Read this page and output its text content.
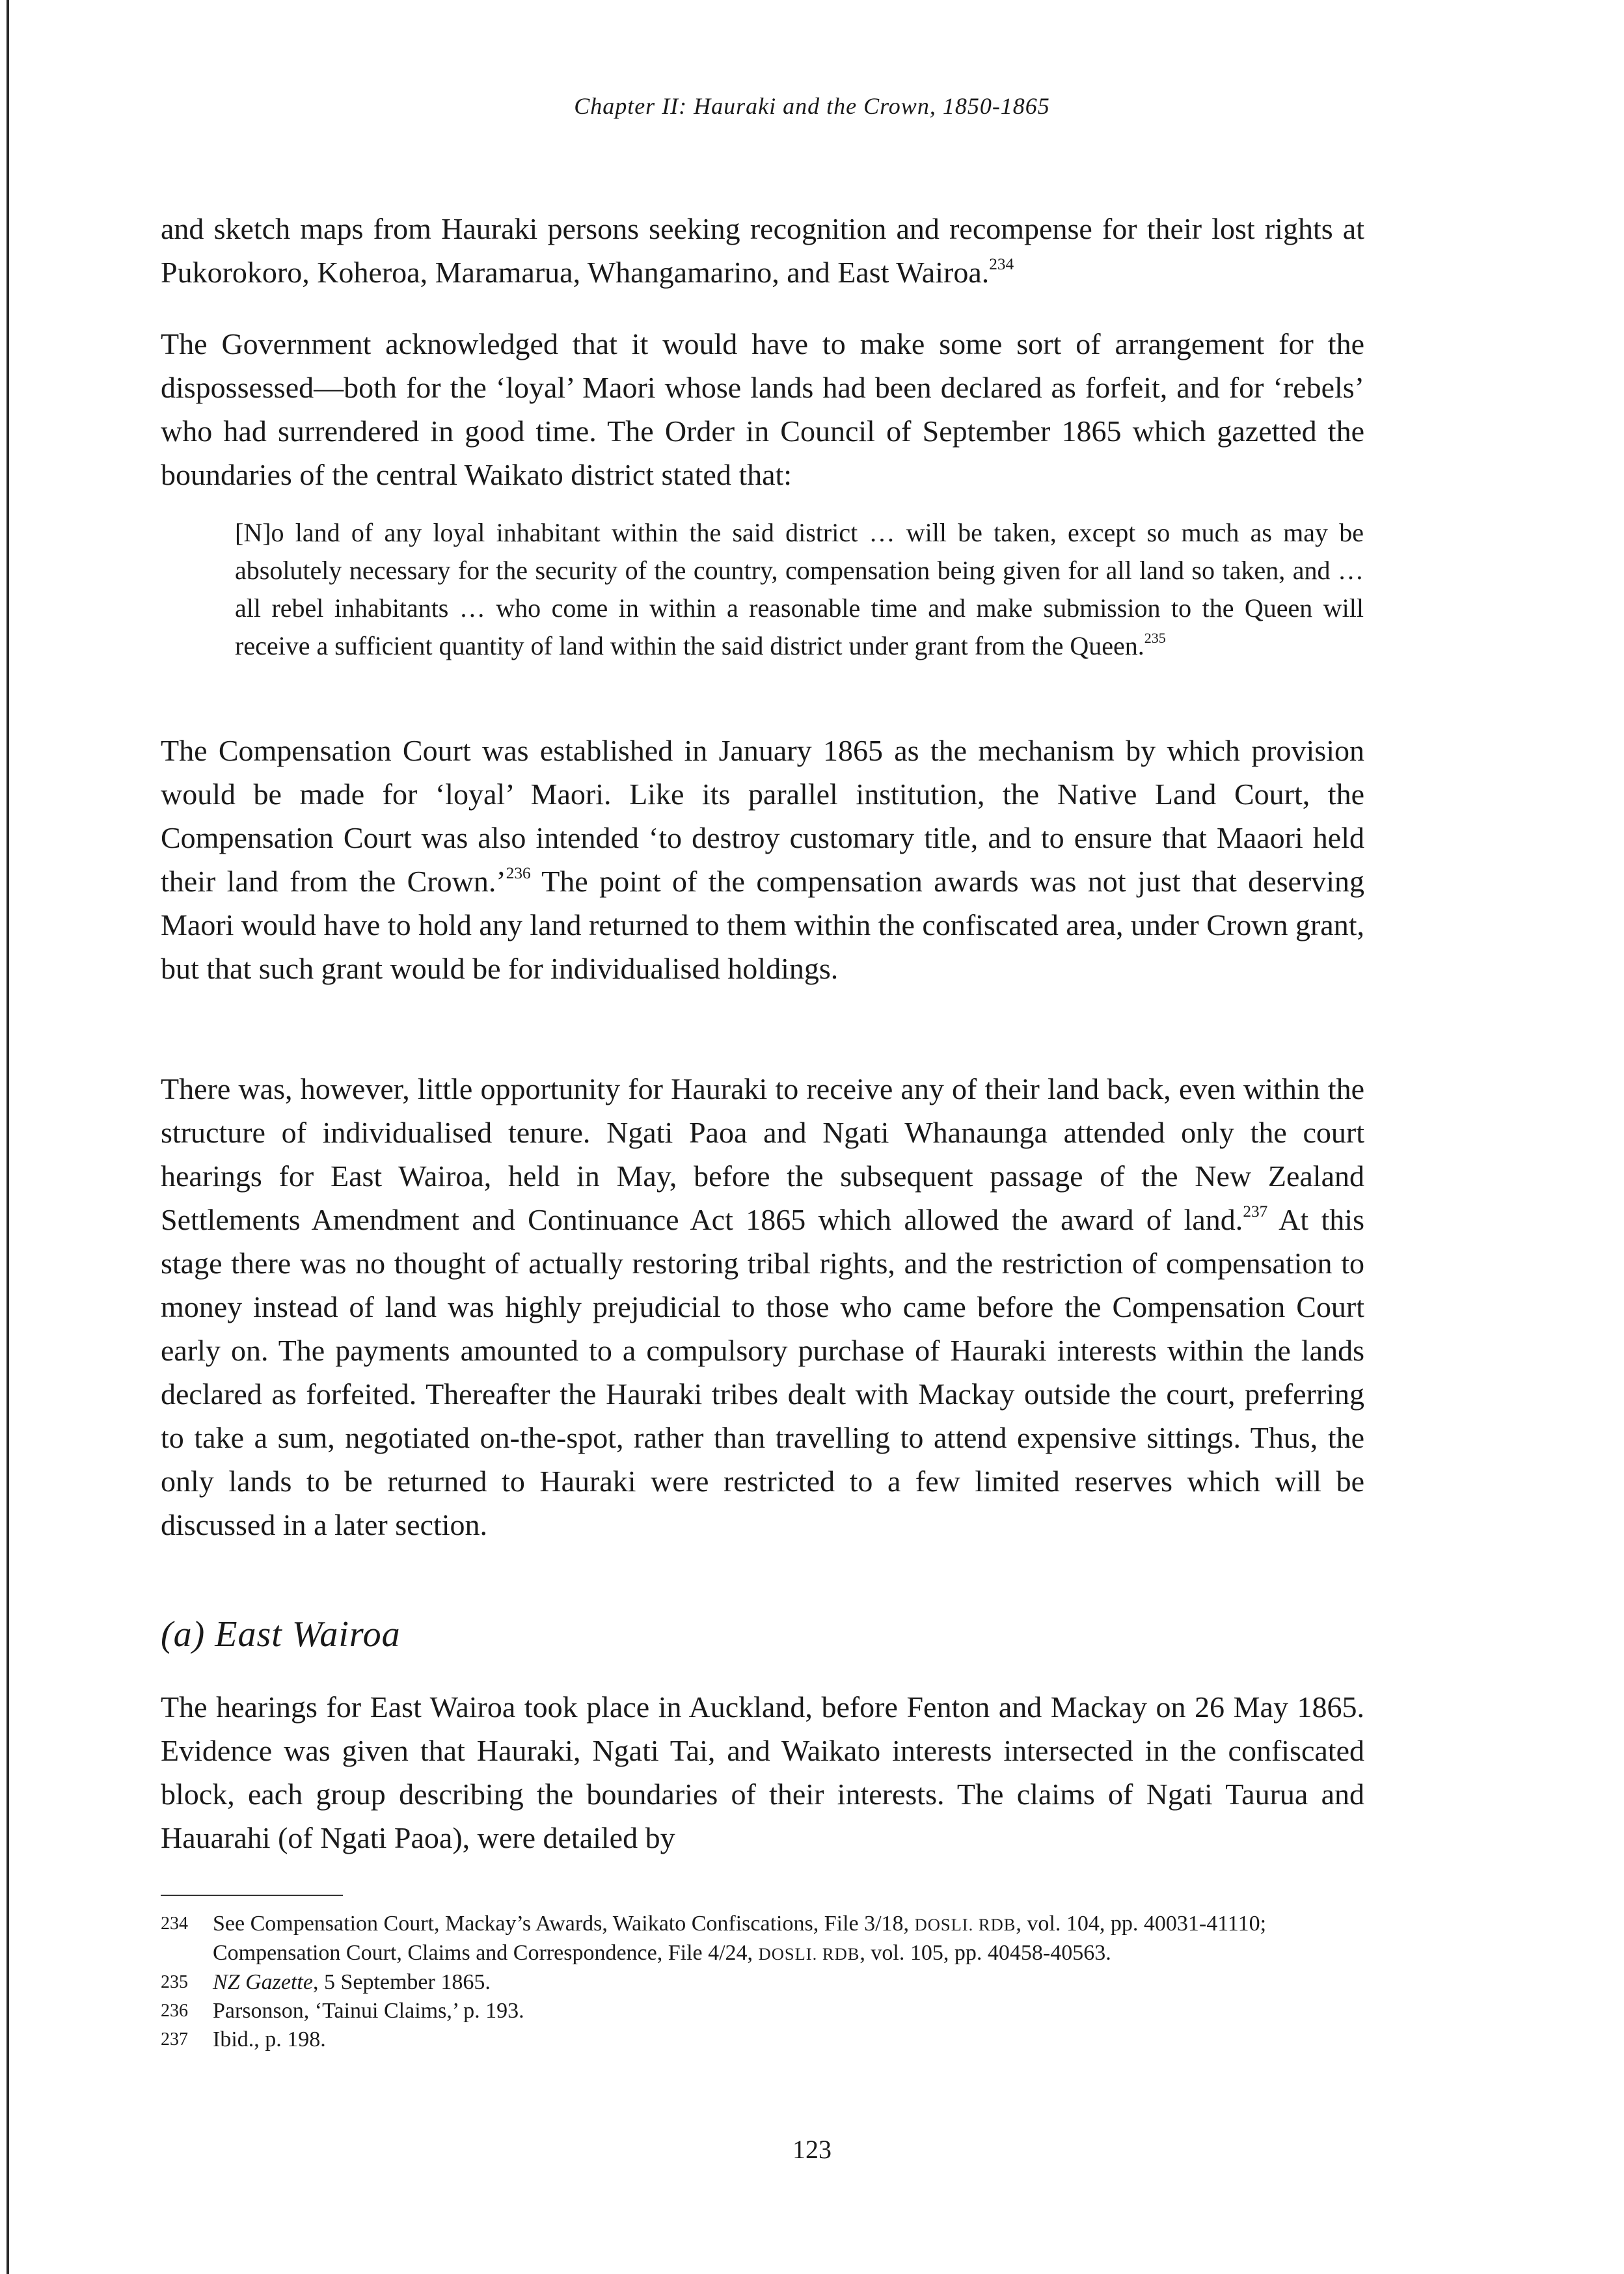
Chapter II: Hauraki and the Crown, 1850-1865

and sketch maps from Hauraki persons seeking recognition and recompense for their lost rights at Pukorokoro, Koheroa, Maramarua, Whangamarino, and East Wairoa.$^{234}$

The Government acknowledged that it would have to make some sort of arrangement for the dispossessed—both for the ‘loyal’ Maori whose lands had been declared as forfeit, and for ‘rebels’ who had surrendered in good time. The Order in Council of September 1865 which gazetted the boundaries of the central Waikato district stated that:

[N]o land of any loyal inhabitant within the said district … will be taken, except so much as may be absolutely necessary for the security of the country, compensation being given for all land so taken, and … all rebel inhabitants … who come in within a reasonable time and make submission to the Queen will receive a sufficient quantity of land within the said district under grant from the Queen.$^{235}$

The Compensation Court was established in January 1865 as the mechanism by which provision would be made for ‘loyal’ Maori. Like its parallel institution, the Native Land Court, the Compensation Court was also intended ‘to destroy customary title, and to ensure that Maaori held their land from the Crown.’$^{236}$ The point of the compensation awards was not just that deserving Maori would have to hold any land returned to them within the confiscated area, under Crown grant, but that such grant would be for individualised holdings.

There was, however, little opportunity for Hauraki to receive any of their land back, even within the structure of individualised tenure. Ngati Paoa and Ngati Whanaunga attended only the court hearings for East Wairoa, held in May, before the subsequent passage of the New Zealand Settlements Amendment and Continuance Act 1865 which allowed the award of land.$^{237}$ At this stage there was no thought of actually restoring tribal rights, and the restriction of compensation to money instead of land was highly prejudicial to those who came before the Compensation Court early on. The payments amounted to a compulsory purchase of Hauraki interests within the lands declared as forfeited. Thereafter the Hauraki tribes dealt with Mackay outside the court, preferring to take a sum, negotiated on-the-spot, rather than travelling to attend expensive sittings. Thus, the only lands to be returned to Hauraki were restricted to a few limited reserves which will be discussed in a later section.

(a) East Wairoa

The hearings for East Wairoa took place in Auckland, before Fenton and Mackay on 26 May 1865. Evidence was given that Hauraki, Ngati Tai, and Waikato interests intersected in the confiscated block, each group describing the boundaries of their interests. The claims of Ngati Taurua and Hauarahi (of Ngati Paoa), were detailed by

234	See Compensation Court, Mackay’s Awards, Waikato Confiscations, File 3/18, DOSLI. RDB, vol. 104, pp. 40031-41110; Compensation Court, Claims and Correspondence, File 4/24, DOSLI. RDB, vol. 105, pp. 40458-40563.
235	NZ Gazette, 5 September 1865.
236	Parsonson, ‘Tainui Claims,’ p. 193.
237	Ibid., p. 198.
123
